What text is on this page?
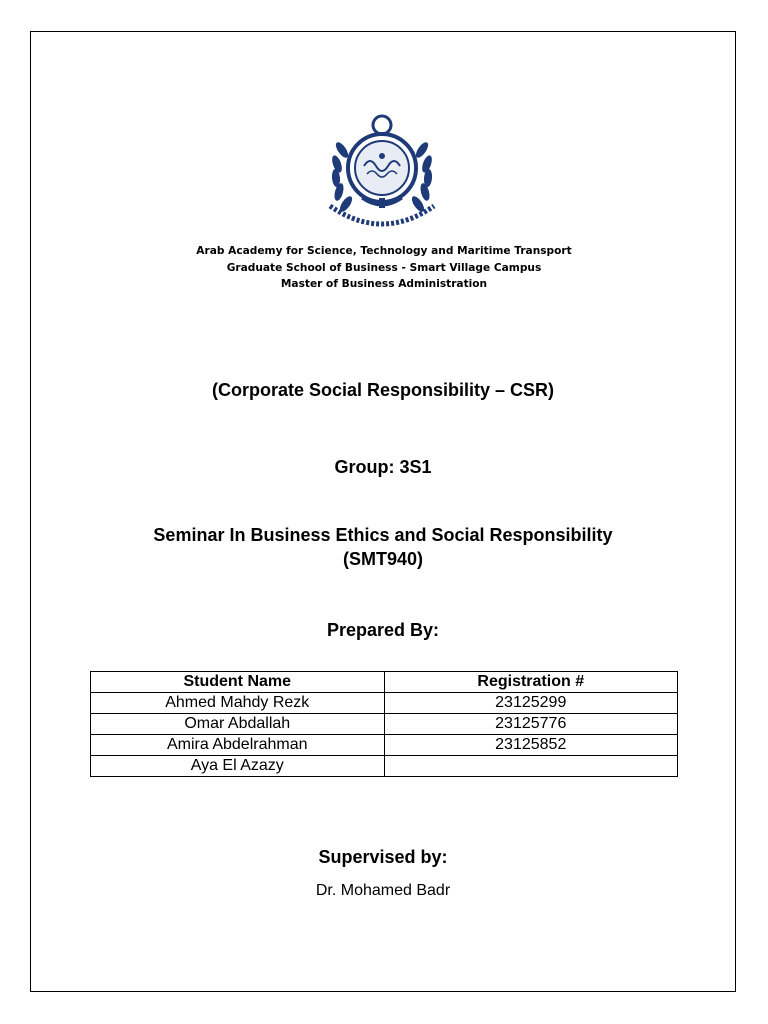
Arab Academy for Science, Technology and Maritime Transport
Graduate School of Business - Smart Village Campus
Master of Business Administration
(Corporate Social Responsibility – CSR)
Group: 3S1
Seminar In Business Ethics and Social Responsibility
(SMT940)
Prepared By:
Student Name	Registration #
Ahmed Mahdy Rezk	23125299
Omar Abdallah	23125776
Amira Abdelrahman	23125852
Aya El Azazy	
Supervised by:
Dr. Mohamed Badr
